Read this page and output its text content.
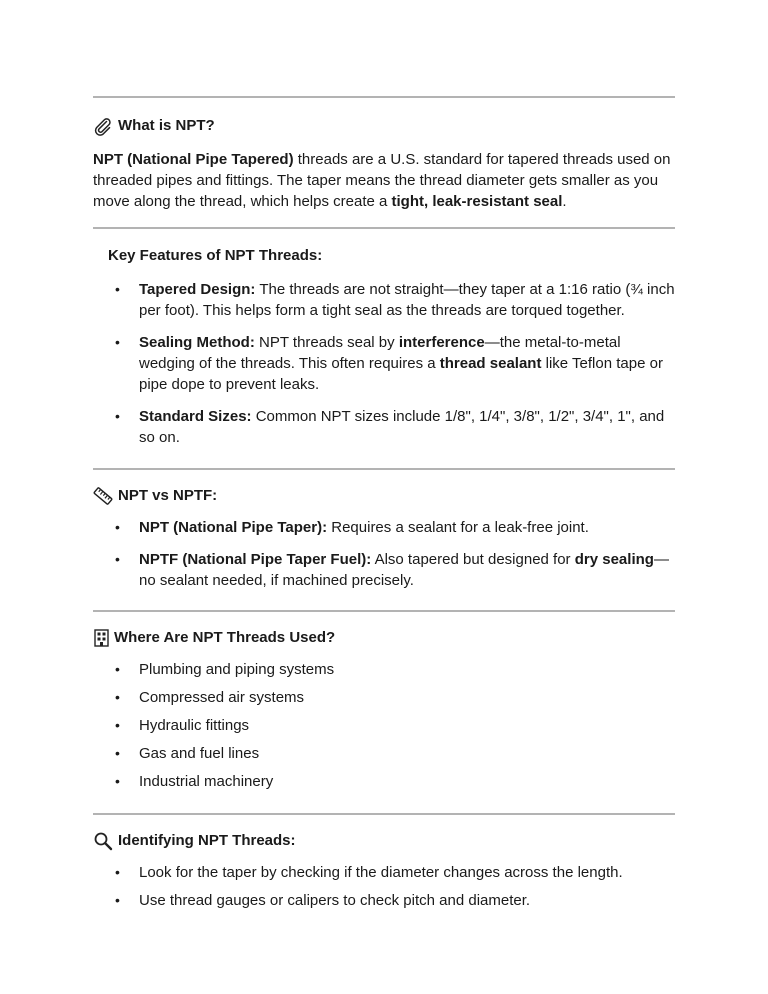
What is NPT?

NPT (National Pipe Tapered) threads are a U.S. standard for tapered threads used on threaded pipes and fittings. The taper means the thread diameter gets smaller as you move along the thread, which helps create a tight, leak-resistant seal.

Key Features of NPT Threads:
• Tapered Design: The threads are not straight—they taper at a 1:16 ratio (¾ inch per foot). This helps form a tight seal as the threads are torqued together.
• Sealing Method: NPT threads seal by interference—the metal-to-metal wedging of the threads. This often requires a thread sealant like Teflon tape or pipe dope to prevent leaks.
• Standard Sizes: Common NPT sizes include 1/8", 1/4", 3/8", 1/2", 3/4", 1", and so on.
NPT vs NPTF:
• NPT (National Pipe Taper): Requires a sealant for a leak-free joint.
• NPTF (National Pipe Taper Fuel): Also tapered but designed for dry sealing—no sealant needed, if machined precisely.
Where Are NPT Threads Used?
• Plumbing and piping systems
• Compressed air systems
• Hydraulic fittings
• Gas and fuel lines
• Industrial machinery
Identifying NPT Threads:
• Look for the taper by checking if the diameter changes across the length.
• Use thread gauges or calipers to check pitch and diameter.
